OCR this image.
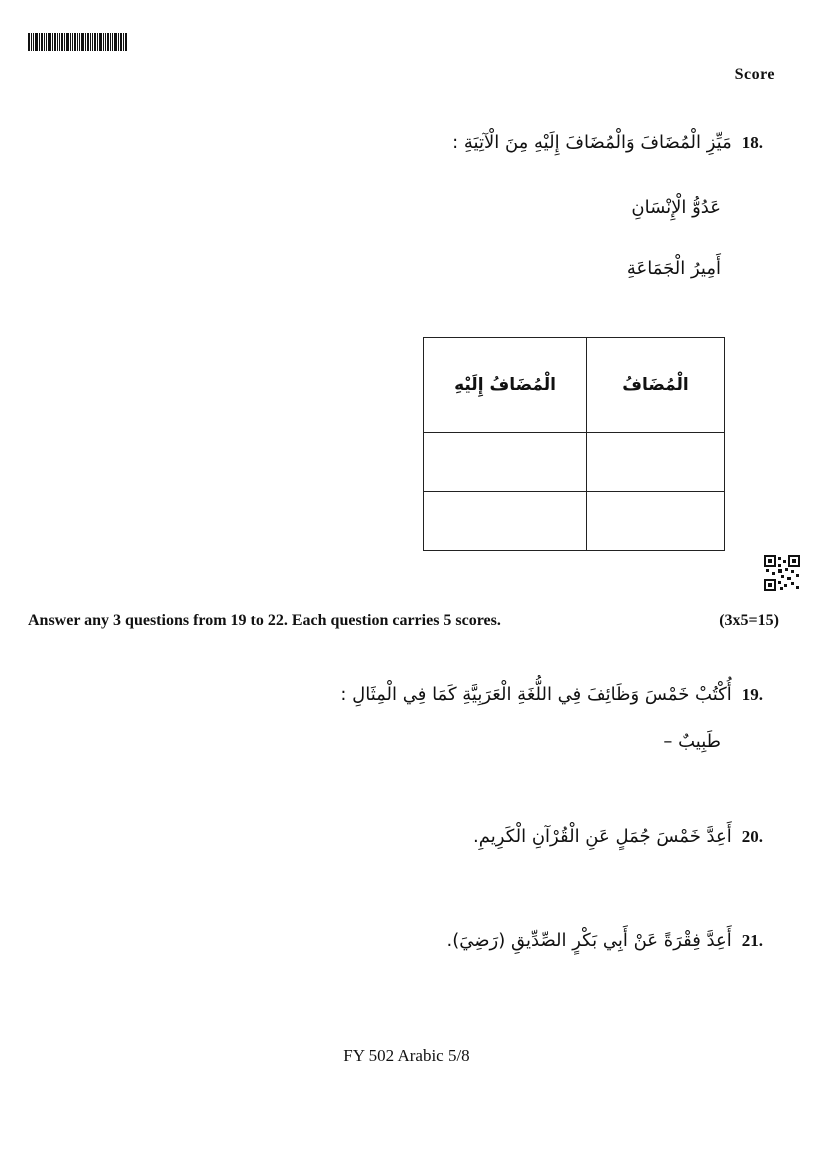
Score
18.
مَيِّزِ الْمُضَافَ وَالْمُضَافَ إِلَيْهِ مِنَ الْآتِيَةِ :
عَدُوُّ الْإِنْسَانِ
أَمِيرُ الْجَمَاعَةِ
الْمُضَافُ إِلَيْهِ	الْمُضَافُ

Answer any 3 questions from 19 to 22. Each question carries 5 scores.	(3x5=15)
19.
أُكْتُبْ خَمْسَ وَظَائِفَ فِي اللُّغَةِ الْعَرَبِيَّةِ كَمَا فِي الْمِثَالِ :
طَبِيبٌ –
20.
أَعِدَّ خَمْسَ جُمَلٍ عَنِ الْقُرْآنِ الْكَرِيمِ.
21.
أَعِدَّ فِقْرَةً عَنْ أَبِي بَكْرٍ الصِّدِّيقِ (رَضِيَ).
FY 502 Arabic 5/8
